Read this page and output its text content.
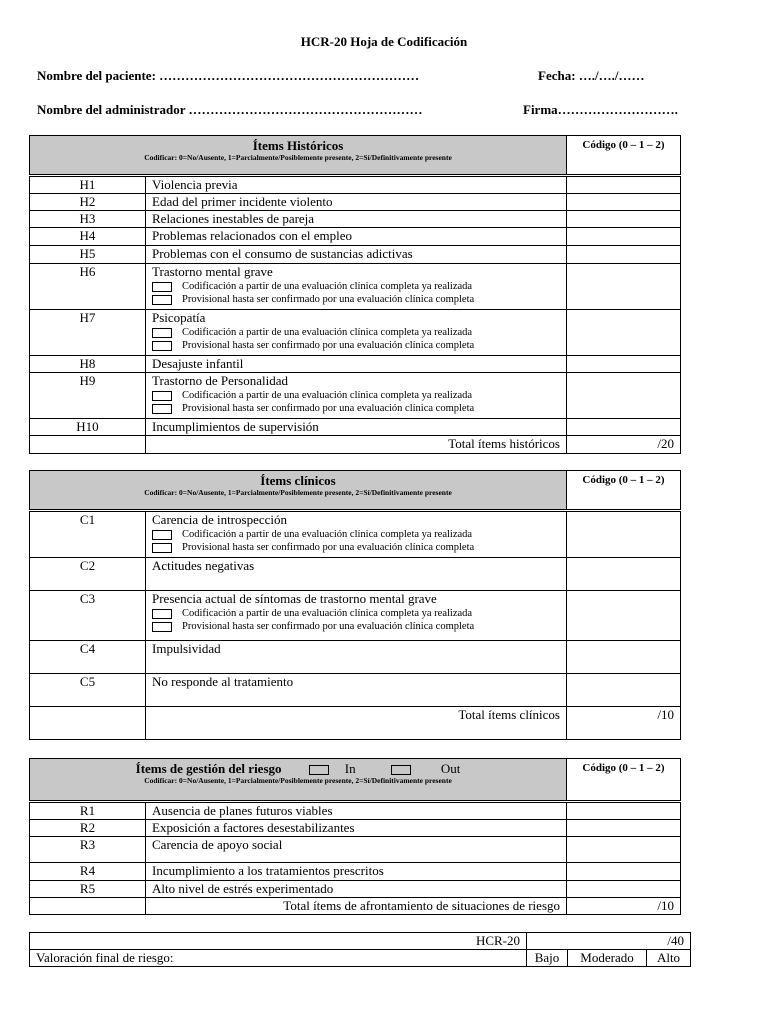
HCR-20 Hoja de Codificación
Nombre del paciente: ……………………………………………………	Fecha: …./…./……
Nombre del administrador ………………………………………………	Firma……………………….
Ítems Históricos
Codificar: 0=No/Ausente, 1=Parcialmente/Posiblemente presente, 2=Sí/Definitivamente presente		Código (0 – 1 – 2)

H1	Violencia previa	
H2	Edad del primer incidente violento	
H3	Relaciones inestables de pareja	
H4	Problemas relacionados con el empleo	
H5	Problemas con el consumo de sustancias adictivas	
H6	Trastorno mental grave
Codificación a partir de una evaluación clínica completa ya realizada
Provisional hasta ser confirmado por una evaluación clínica completa	

H7	Psicopatía
Codificación a partir de una evaluación clínica completa ya realizada
Provisional hasta ser confirmado por una evaluación clínica completa	

H8	Desajuste infantil	
H9	Trastorno de Personalidad
Codificación a partir de una evaluación clínica completa ya realizada
Provisional hasta ser confirmado por una evaluación clínica completa	

H10	Incumplimientos de supervisión	
	Total ítems históricos	/20
Ítems clínicos
Codificar: 0=No/Ausente, 1=Parcialmente/Posiblemente presente, 2=Sí/Definitivamente presente		Código (0 – 1 – 2)

C1	Carencia de introspección
Codificación a partir de una evaluación clínica completa ya realizada
Provisional hasta ser confirmado por una evaluación clínica completa	

C2	Actitudes negativas	
C3	Presencia actual de síntomas de trastorno mental grave
Codificación a partir de una evaluación clínica completa ya realizada
Provisional hasta ser confirmado por una evaluación clínica completa	

C4	Impulsividad	
C5	No responde al tratamiento	
	Total ítems clínicos	/10
Ítems de gestión del riesgo In Out
Codificar: 0=No/Ausente, 1=Parcialmente/Posiblemente presente, 2=Sí/Definitivamente presente		Código (0 – 1 – 2)

R1	Ausencia de planes futuros viables	
R2	Exposición a factores desestabilizantes	
R3	Carencia de apoyo social	
R4	Incumplimiento a los tratamientos prescritos	
R5	Alto nivel de estrés experimentado	
	Total ítems de afrontamiento de situaciones de riesgo	/10
HCR-20	/40		
Valoración final de riesgo:	Bajo	Moderado	Alto
